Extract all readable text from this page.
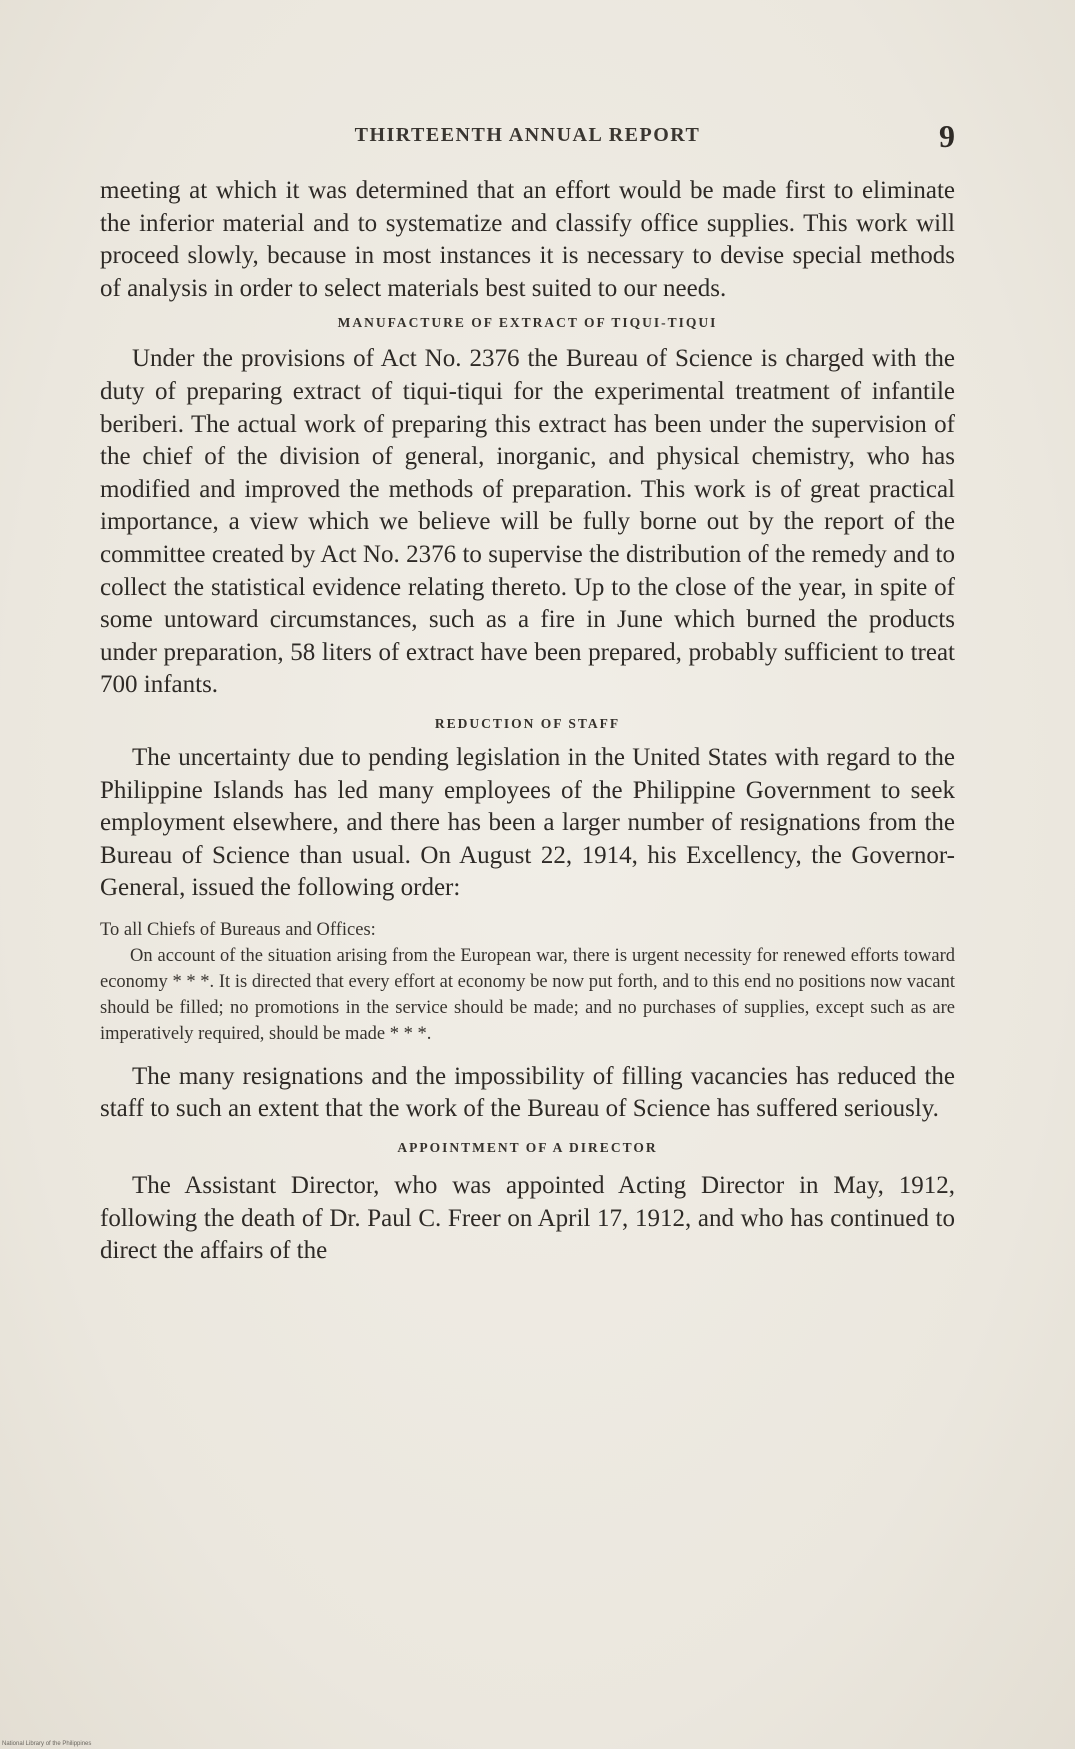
THIRTEENTH ANNUAL REPORT	9

meeting at which it was determined that an effort would be made first to eliminate the inferior material and to systematize and classify office supplies. This work will proceed slowly, because in most instances it is necessary to devise special methods of analysis in order to select materials best suited to our needs.

MANUFACTURE OF EXTRACT OF TIQUI-TIQUI

Under the provisions of Act No. 2376 the Bureau of Science is charged with the duty of preparing extract of tiqui-tiqui for the experimental treatment of infantile beriberi. The actual work of preparing this extract has been under the supervision of the chief of the division of general, inorganic, and physical chemistry, who has modified and improved the methods of preparation. This work is of great practical importance, a view which we believe will be fully borne out by the report of the committee created by Act No. 2376 to supervise the distribution of the remedy and to collect the statistical evidence relating thereto. Up to the close of the year, in spite of some untoward circumstances, such as a fire in June which burned the products under preparation, 58 liters of extract have been prepared, probably sufficient to treat 700 infants.

REDUCTION OF STAFF

The uncertainty due to pending legislation in the United States with regard to the Philippine Islands has led many employees of the Philippine Government to seek employment elsewhere, and there has been a larger number of resignations from the Bureau of Science than usual. On August 22, 1914, his Excellency, the Governor-General, issued the following order:

To all Chiefs of Bureaus and Offices:

On account of the situation arising from the European war, there is urgent necessity for renewed efforts toward economy * * *. It is directed that every effort at economy be now put forth, and to this end no positions now vacant should be filled; no promotions in the service should be made; and no purchases of supplies, except such as are imperatively required, should be made * * *.

The many resignations and the impossibility of filling vacancies has reduced the staff to such an extent that the work of the Bureau of Science has suffered seriously.

APPOINTMENT OF A DIRECTOR

The Assistant Director, who was appointed Acting Director in May, 1912, following the death of Dr. Paul C. Freer on April 17, 1912, and who has continued to direct the affairs of the

National Library of the Philippines
